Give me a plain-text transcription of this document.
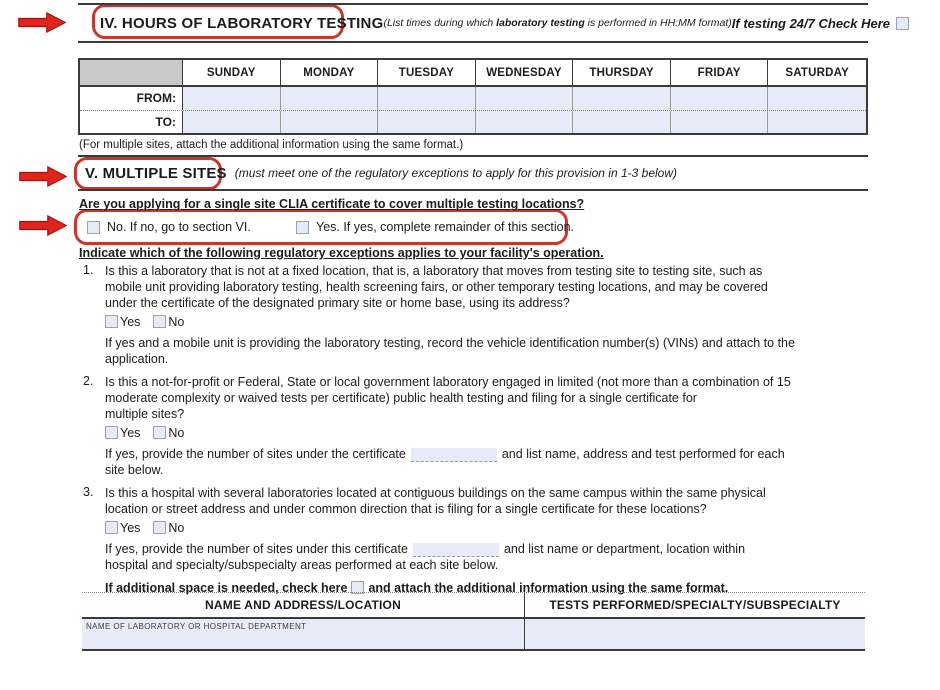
IV. HOURS OF LABORATORY TESTING (List times during which laboratory testing is performed in HH:MM format) If testing 24/7 Check Here
SUNDAY	MONDAY	TUESDAY	WEDNESDAY	THURSDAY	FRIDAY	SATURDAY
FROM:
TO:
(For multiple sites, attach the additional information using the same format.)
V. MULTIPLE SITES (must meet one of the regulatory exceptions to apply for this provision in 1-3 below)
Are you applying for a single site CLIA certificate to cover multiple testing locations?
No. If no, go to section VI.	Yes. If yes, complete remainder of this section.
Indicate which of the following regulatory exceptions applies to your facility's operation.
1. Is this a laboratory that is not at a fixed location, that is, a laboratory that moves from testing site to testing site, such as
mobile unit providing laboratory testing, health screening fairs, or other temporary testing locations, and may be covered
under the certificate of the designated primary site or home base, using its address?
Yes No
If yes and a mobile unit is providing the laboratory testing, record the vehicle identification number(s) (VINs) and attach to the
application.
2. Is this a not-for-profit or Federal, State or local government laboratory engaged in limited (not more than a combination of 15
moderate complexity or waived tests per certificate) public health testing and filing for a single certificate for
multiple sites?
Yes No
If yes, provide the number of sites under the certificate	and list name, address and test performed for each
site below.
3. Is this a hospital with several laboratories located at contiguous buildings on the same campus within the same physical
location or street address and under common direction that is filing for a single certificate for these locations?
Yes No
If yes, provide the number of sites under this certificate	and list name or department, location within
hospital and specialty/subspecialty areas performed at each site below.
If additional space is needed, check here and attach the additional information using the same format.
NAME AND ADDRESS/LOCATION	TESTS PERFORMED/SPECIALTY/SUBSPECIALTY
NAME OF LABORATORY OR HOSPITAL DEPARTMENT
